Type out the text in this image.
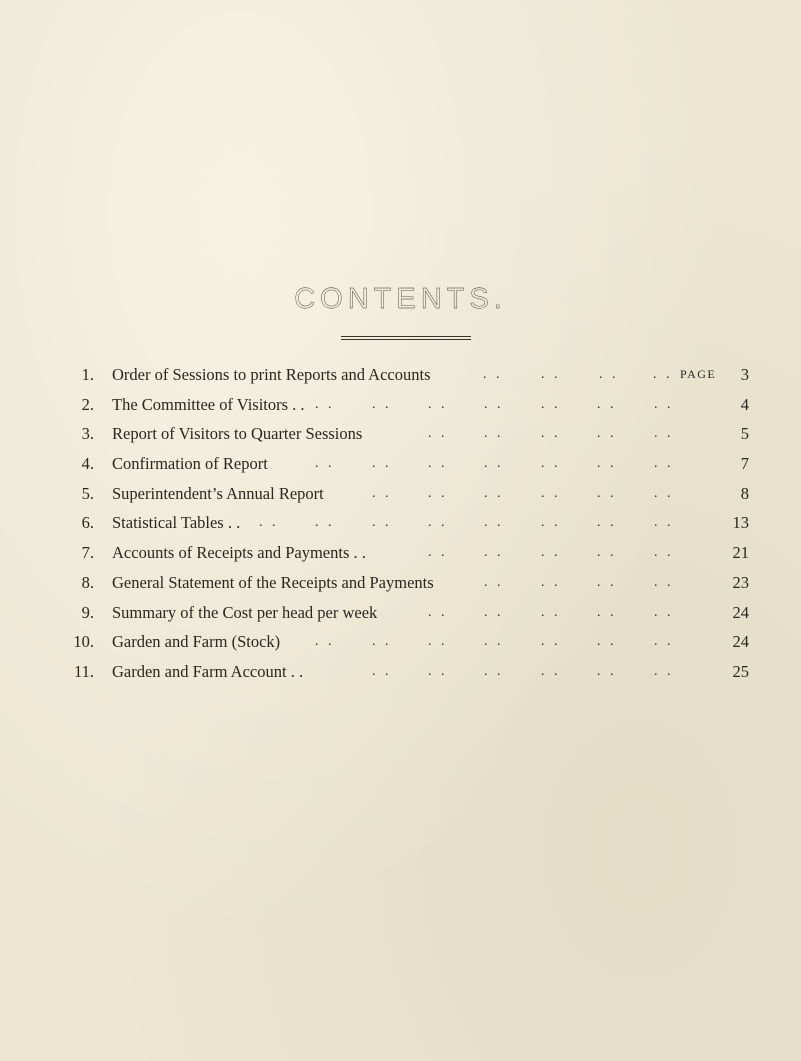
CONTENTS.
1. Order of Sessions to print Reports and Accounts	. .	. .	. . . . PAGE	3
2. The Committee of Visitors . . . .	. .	. .	. .	. .	. .	. .	4
3. Report of Visitors to Quarter Sessions	. .	. .	. .	. .	. .	5
4. Confirmation of Report	. .	. .	. .	. .	. .	. .	. .	7
5. Superintendent’s Annual Report	. .	. .	. .	. .	. .	. .	8
6. Statistical Tables . . . .	. .	. .	. .	. .	. .	. .	. .	13
7. Accounts of Receipts and Payments . .	. .	. .	. .	. .	. .	21
8. General Statement of the Receipts and Payments	. .	. .	. .	. .	23
9. Summary of the Cost per head per week	. .	. .	. .	. .	. .	24
10. Garden and Farm (Stock) . .	. .	. .	. .	. .	. .	. .	24
11. Garden and Farm Account . .	. .	. .	. .	. .	. .	. .	25
